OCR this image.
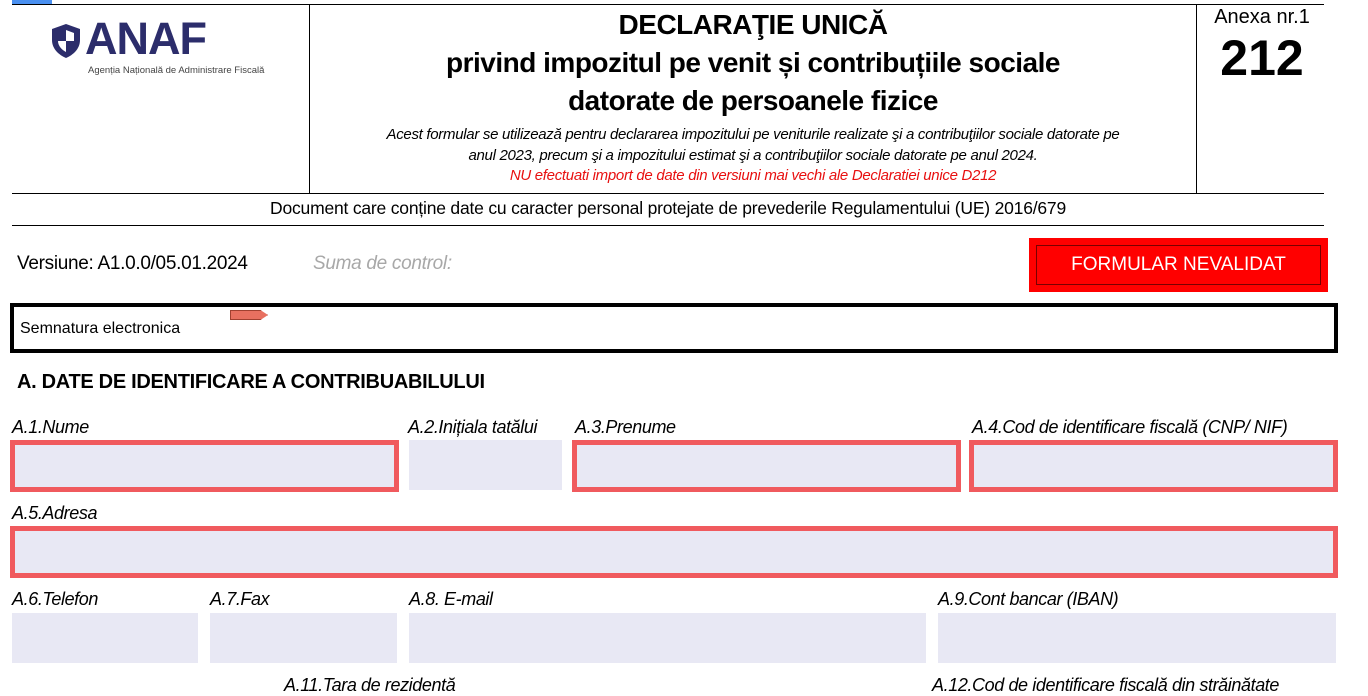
ANAF
Agenția Națională de Administrare Fiscală
DECLARAŢIE UNICĂ
privind impozitul pe venit și contribuțiile sociale
datorate de persoanele fizice
Acest formular se utilizează pentru declararea impozitului pe veniturile realizate şi a contribuţiilor sociale datorate pe
anul 2023, precum şi a impozitului estimat şi a contribuţiilor sociale datorate pe anul 2024.
NU efectuati import de date din versiuni mai vechi ale Declaratiei unice D212
Anexa nr.1
212
Document care conține date cu caracter personal protejate de prevederile Regulamentului (UE) 2016/679
Versiune: A1.0.0/05.01.2024	Suma de control:	FORMULAR NEVALIDAT
Semnatura electronica
A. DATE DE IDENTIFICARE A CONTRIBUABILULUI
A.1.Nume	A.2.Inițiala tatălui A.3.Prenume	A.4.Cod de identificare fiscală (CNP/ NIF)
A.5.Adresa
A.6.Telefon	A.7.Fax	A.8. E-mail	A.9.Cont bancar (IBAN)
A.11.Tara de rezidentă	A.12.Cod de identificare fiscală din străinătate
